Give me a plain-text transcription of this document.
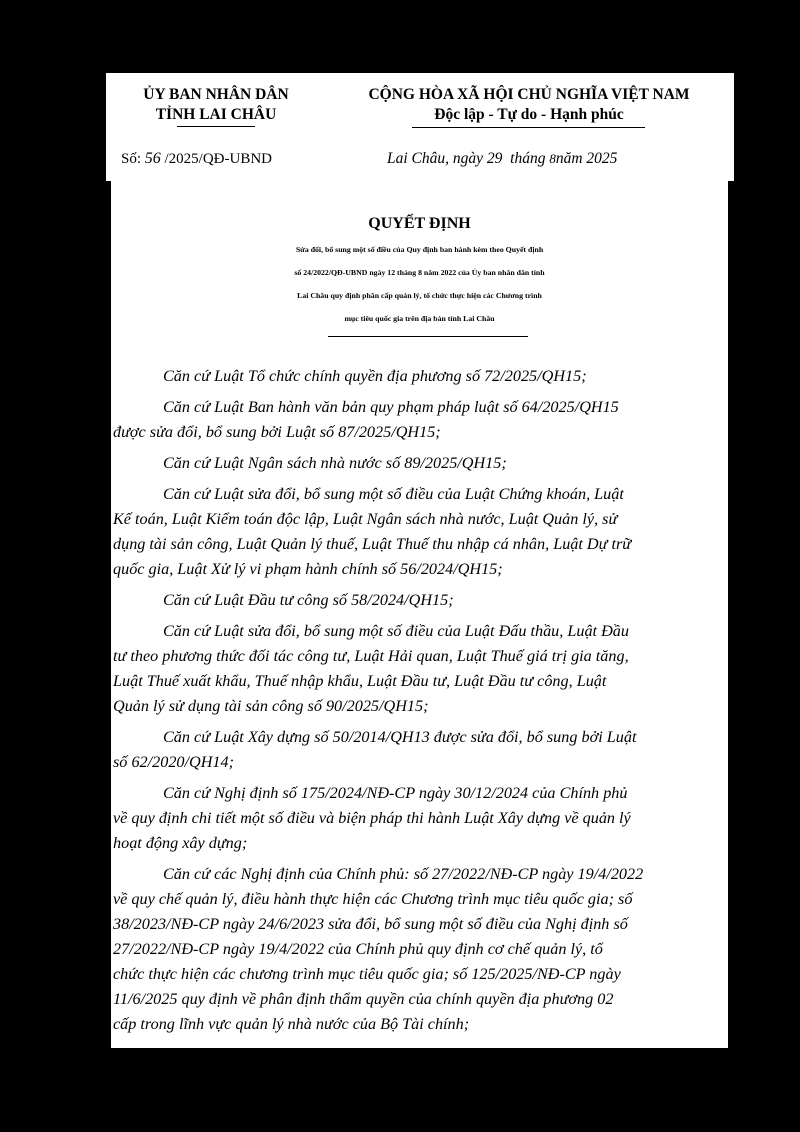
ỦY BAN NHÂN DÂN
TỈNH LAI CHÂU
CỘNG HÒA XÃ HỘI CHỦ NGHĨA VIỆT NAM
Độc lập - Tự do - Hạnh phúc
Số: 56 /2025/QĐ-UBND	Lai Châu, ngày 29 tháng 8năm 2025
QUYẾT ĐỊNH
Sửa đổi, bổ sung một số điều của Quy định ban hành kèm theo Quyết định
số 24/2022/QĐ-UBND ngày 12 tháng 8 năm 2022 của Ủy ban nhân dân tỉnh
Lai Châu quy định phân cấp quản lý, tổ chức thực hiện các Chương trình
mục tiêu quốc gia trên địa bàn tỉnh Lai Châu
Căn cứ Luật Tổ chức chính quyền địa phương số 72/2025/QH15;
Căn cứ Luật Ban hành văn bản quy phạm pháp luật số 64/2025/QH15
được sửa đổi, bổ sung bởi Luật số 87/2025/QH15;
Căn cứ Luật Ngân sách nhà nước số 89/2025/QH15;
Căn cứ Luật sửa đổi, bổ sung một số điều của Luật Chứng khoán, Luật
Kế toán, Luật Kiểm toán độc lập, Luật Ngân sách nhà nước, Luật Quản lý, sử
dụng tài sản công, Luật Quản lý thuế, Luật Thuế thu nhập cá nhân, Luật Dự trữ
quốc gia, Luật Xử lý vi phạm hành chính số 56/2024/QH15;
Căn cứ Luật Đầu tư công số 58/2024/QH15;
Căn cứ Luật sửa đổi, bổ sung một số điều của Luật Đấu thầu, Luật Đầu
tư theo phương thức đối tác công tư, Luật Hải quan, Luật Thuế giá trị gia tăng,
Luật Thuế xuất khẩu, Thuế nhập khẩu, Luật Đầu tư, Luật Đầu tư công, Luật
Quản lý sử dụng tài sản công số 90/2025/QH15;
Căn cứ Luật Xây dựng số 50/2014/QH13 được sửa đổi, bổ sung bởi Luật
số 62/2020/QH14;
Căn cứ Nghị định số 175/2024/NĐ-CP ngày 30/12/2024 của Chính phủ
về quy định chi tiết một số điều và biện pháp thi hành Luật Xây dựng về quản lý
hoạt động xây dựng;
Căn cứ các Nghị định của Chính phủ: số 27/2022/NĐ-CP ngày 19/4/2022
về quy chế quản lý, điều hành thực hiện các Chương trình mục tiêu quốc gia; số
38/2023/NĐ-CP ngày 24/6/2023 sửa đổi, bổ sung một số điều của Nghị định số
27/2022/NĐ-CP ngày 19/4/2022 của Chính phủ quy định cơ chế quản lý, tổ
chức thực hiện các chương trình mục tiêu quốc gia; số 125/2025/NĐ-CP ngày
11/6/2025 quy định về phân định thẩm quyền của chính quyền địa phương 02
cấp trong lĩnh vực quản lý nhà nước của Bộ Tài chính;
